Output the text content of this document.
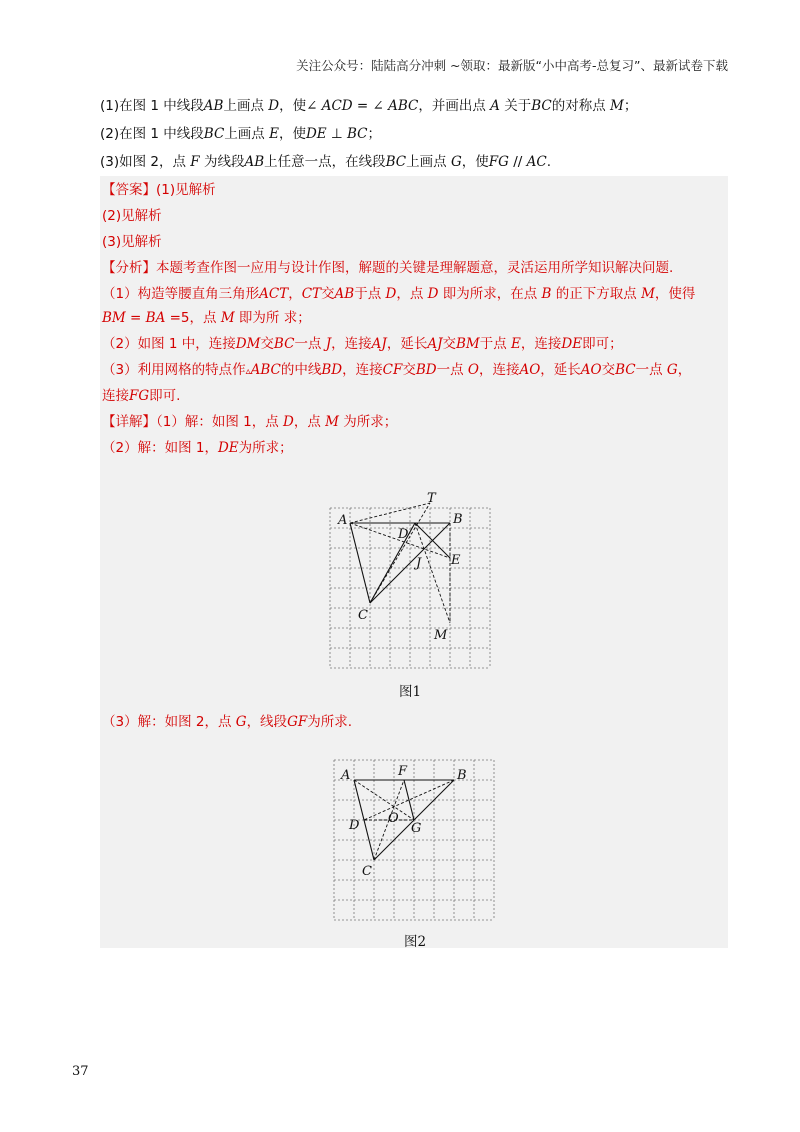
关注公众号：陆陆高分冲刺 ~领取：最新版“小中高考-总复习”、最新试卷下载
(1)在图 1 中线段AB上画点 D，使∠ ACD = ∠ ABC，并画出点 A 关于BC的对称点 M；
(2)在图 1 中线段BC上画点 E，使DE ⊥ BC；
(3)如图 2，点 F 为线段AB上任意一点，在线段BC上画点 G，使FG // AC.
【答案】(1)见解析
(2)见解析
(3)见解析
【分析】本题考查作图一应用与设计作图，解题的关键是理解题意，灵活运用所学知识解决问题.
（1）构造等腰直角三角形ACT，CT交AB于点 D，点 D 即为所求，在点 B 的正下方取点 M，使得
BM = BA =5，点 M 即为所 求；
（2）如图 1 中，连接DM交BC一点 J，连接AJ，延长AJ交BM于点 E，连接DE即可；
（3）利用网格的特点作▵ABC的中线BD，连接CF交BD一点 O，连接AO，延长AO交BC一点 G，
连接FG即可.
【详解】（1）解：如图 1，点 D，点 M 为所求；
（2）解：如图 1，DE为所求；
A
T
B
D
E
J
C
M
图1
（3）解：如图 2，点 G，线段GF为所求.
A	F	B
D O
G
C
图2
37
